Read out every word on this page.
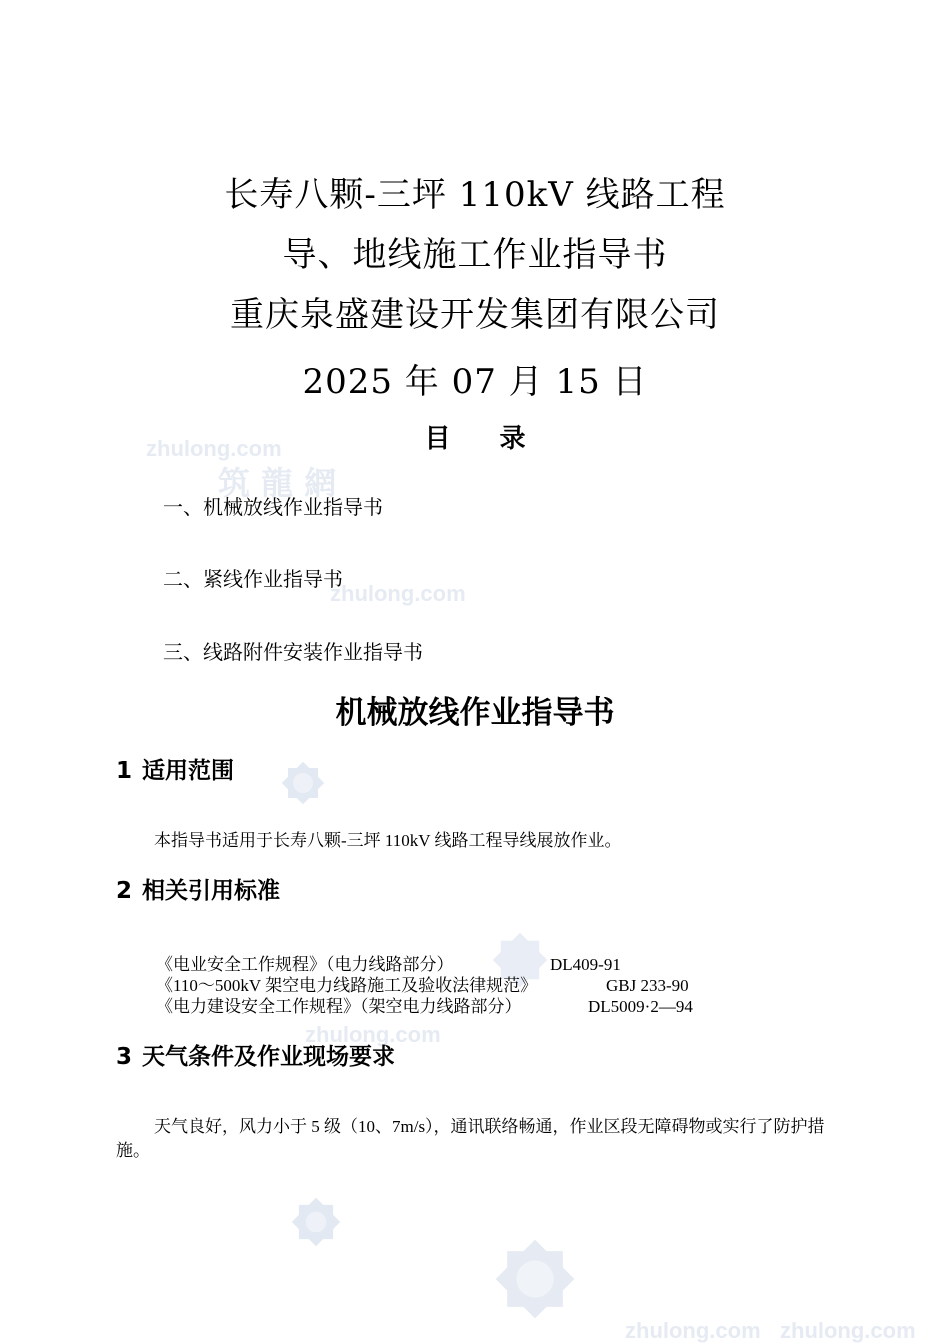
zhulong.com
筑 龍 網
zhulong.com
zhulong.com
zhulong.com zhulong.com
长寿八颗-三坪 110kV 线路工程
导、地线施工作业指导书
重庆泉盛建设开发集团有限公司
2025 年 07 月 15 日
目 录
一、机械放线作业指导书
二、紧线作业指导书
三、线路附件安装作业指导书
机械放线作业指导书
1 适用范围
本指导书适用于长寿八颗-三坪 110kV 线路工程导线展放作业。
2 相关引用标准
《电业安全工作规程》（电力线路部分）	DL409-91
《110～500kV 架空电力线路施工及验收法律规范》	GBJ 233-90
《电力建设安全工作规程》（架空电力线路部分）	DL5009·2—94
3 天气条件及作业现场要求
天气良好，风力小于 5 级（10、7m/s），通讯联络畅通，作业区段无障碍物或实行了防护措施。
